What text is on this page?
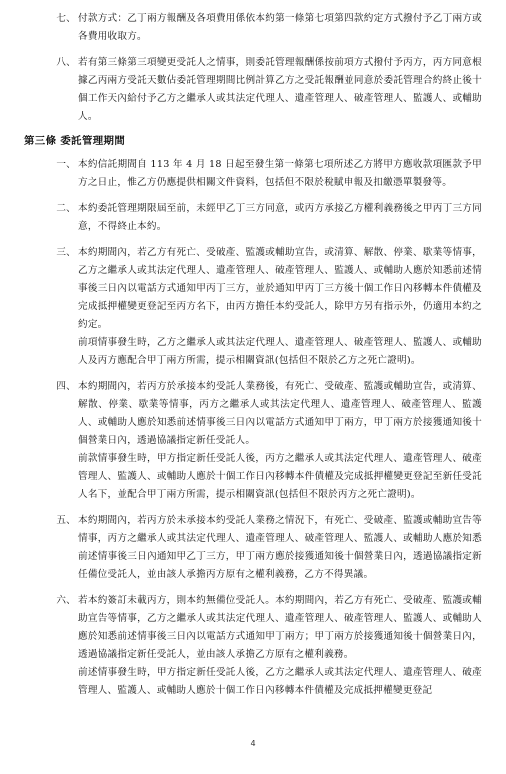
七、 付款方式：乙丁兩方報酬及各項費用係依本約第一條第七項第四款約定方式撥付予乙丁兩方或各費用收取方。

八、 若有第三條第三項變更受託人之情事，則委託管理報酬係按前項方式撥付予丙方，丙方同意根據乙丙兩方受託天數佔委託管理期間比例計算乙方之受託報酬並同意於委託管理合約終止後十個工作天內給付予乙方之繼承人或其法定代理人、遺產管理人、破產管理人、監護人、或輔助人。

第三條 委託管理期間
一、 本約信託期間自 113 年 4 月 18 日起至發生第一條第七項所述乙方將甲方應收款項匯款予甲方之日止，惟乙方仍應提供相關文件資料，包括但不限於稅賦申報及扣繳憑單製發等。

二、 本約委託管理期限屆至前，未經甲乙丁三方同意，或丙方承接乙方權利義務後之甲丙丁三方同意，不得終止本約。

三、 本約期間內，若乙方有死亡、受破產、監護或輔助宣告，或清算、解散、停業、歇業等情事，乙方之繼承人或其法定代理人、遺產管理人、破產管理人、監護人、或輔助人應於知悉前述情事後三日內以電話方式通知甲丙丁三方，並於通知甲丙丁三方後十個工作日內移轉本件債權及完成抵押權變更登記至丙方名下，由丙方擔任本約受託人，除甲方另有指示外，仍適用本約之約定。

前項情事發生時，乙方之繼承人或其法定代理人、遺產管理人、破產管理人、監護人、或輔助人及丙方應配合甲丁兩方所需，提示相關資訊(包括但不限於乙方之死亡證明)。

四、 本約期間內，若丙方於承接本約受託人業務後，有死亡、受破產、監護或輔助宣告，或清算、解散、停業、歇業等情事，丙方之繼承人或其法定代理人、遺產管理人、破產管理人、監護人、或輔助人應於知悉前述情事後三日內以電話方式通知甲丁兩方，甲丁兩方於接獲通知後十個營業日內，透過協議指定新任受託人。

前款情事發生時，甲方指定新任受託人後，丙方之繼承人或其法定代理人、遺產管理人、破產管理人、監護人、或輔助人應於十個工作日內移轉本件債權及完成抵押權變更登記至新任受託人名下，並配合甲丁兩方所需，提示相關資訊(包括但不限於丙方之死亡證明)。

五、 本約期間內，若丙方於未承接本約受託人業務之情況下，有死亡、受破產、監護或輔助宣告等情事，丙方之繼承人或其法定代理人、遺產管理人、破產管理人、監護人、或輔助人應於知悉前述情事後三日內通知甲乙丁三方，甲丁兩方應於接獲通知後十個營業日內，透過協議指定新任備位受託人，並由該人承擔丙方原有之權利義務，乙方不得異議。

六、 若本約簽訂未載丙方，則本約無備位受託人。本約期間內，若乙方有死亡、受破產、監護或輔助宣告等情事，乙方之繼承人或其法定代理人、遺產管理人、破產管理人、監護人、或輔助人應於知悉前述情事後三日內以電話方式通知甲丁兩方；甲丁兩方於接獲通知後十個營業日內，透過協議指定新任受託人，並由該人承擔乙方原有之權利義務。

前述情事發生時，甲方指定新任受託人後，乙方之繼承人或其法定代理人、遺產管理人、破產管理人、監護人、或輔助人應於十個工作日內移轉本件債權及完成抵押權變更登記

4
